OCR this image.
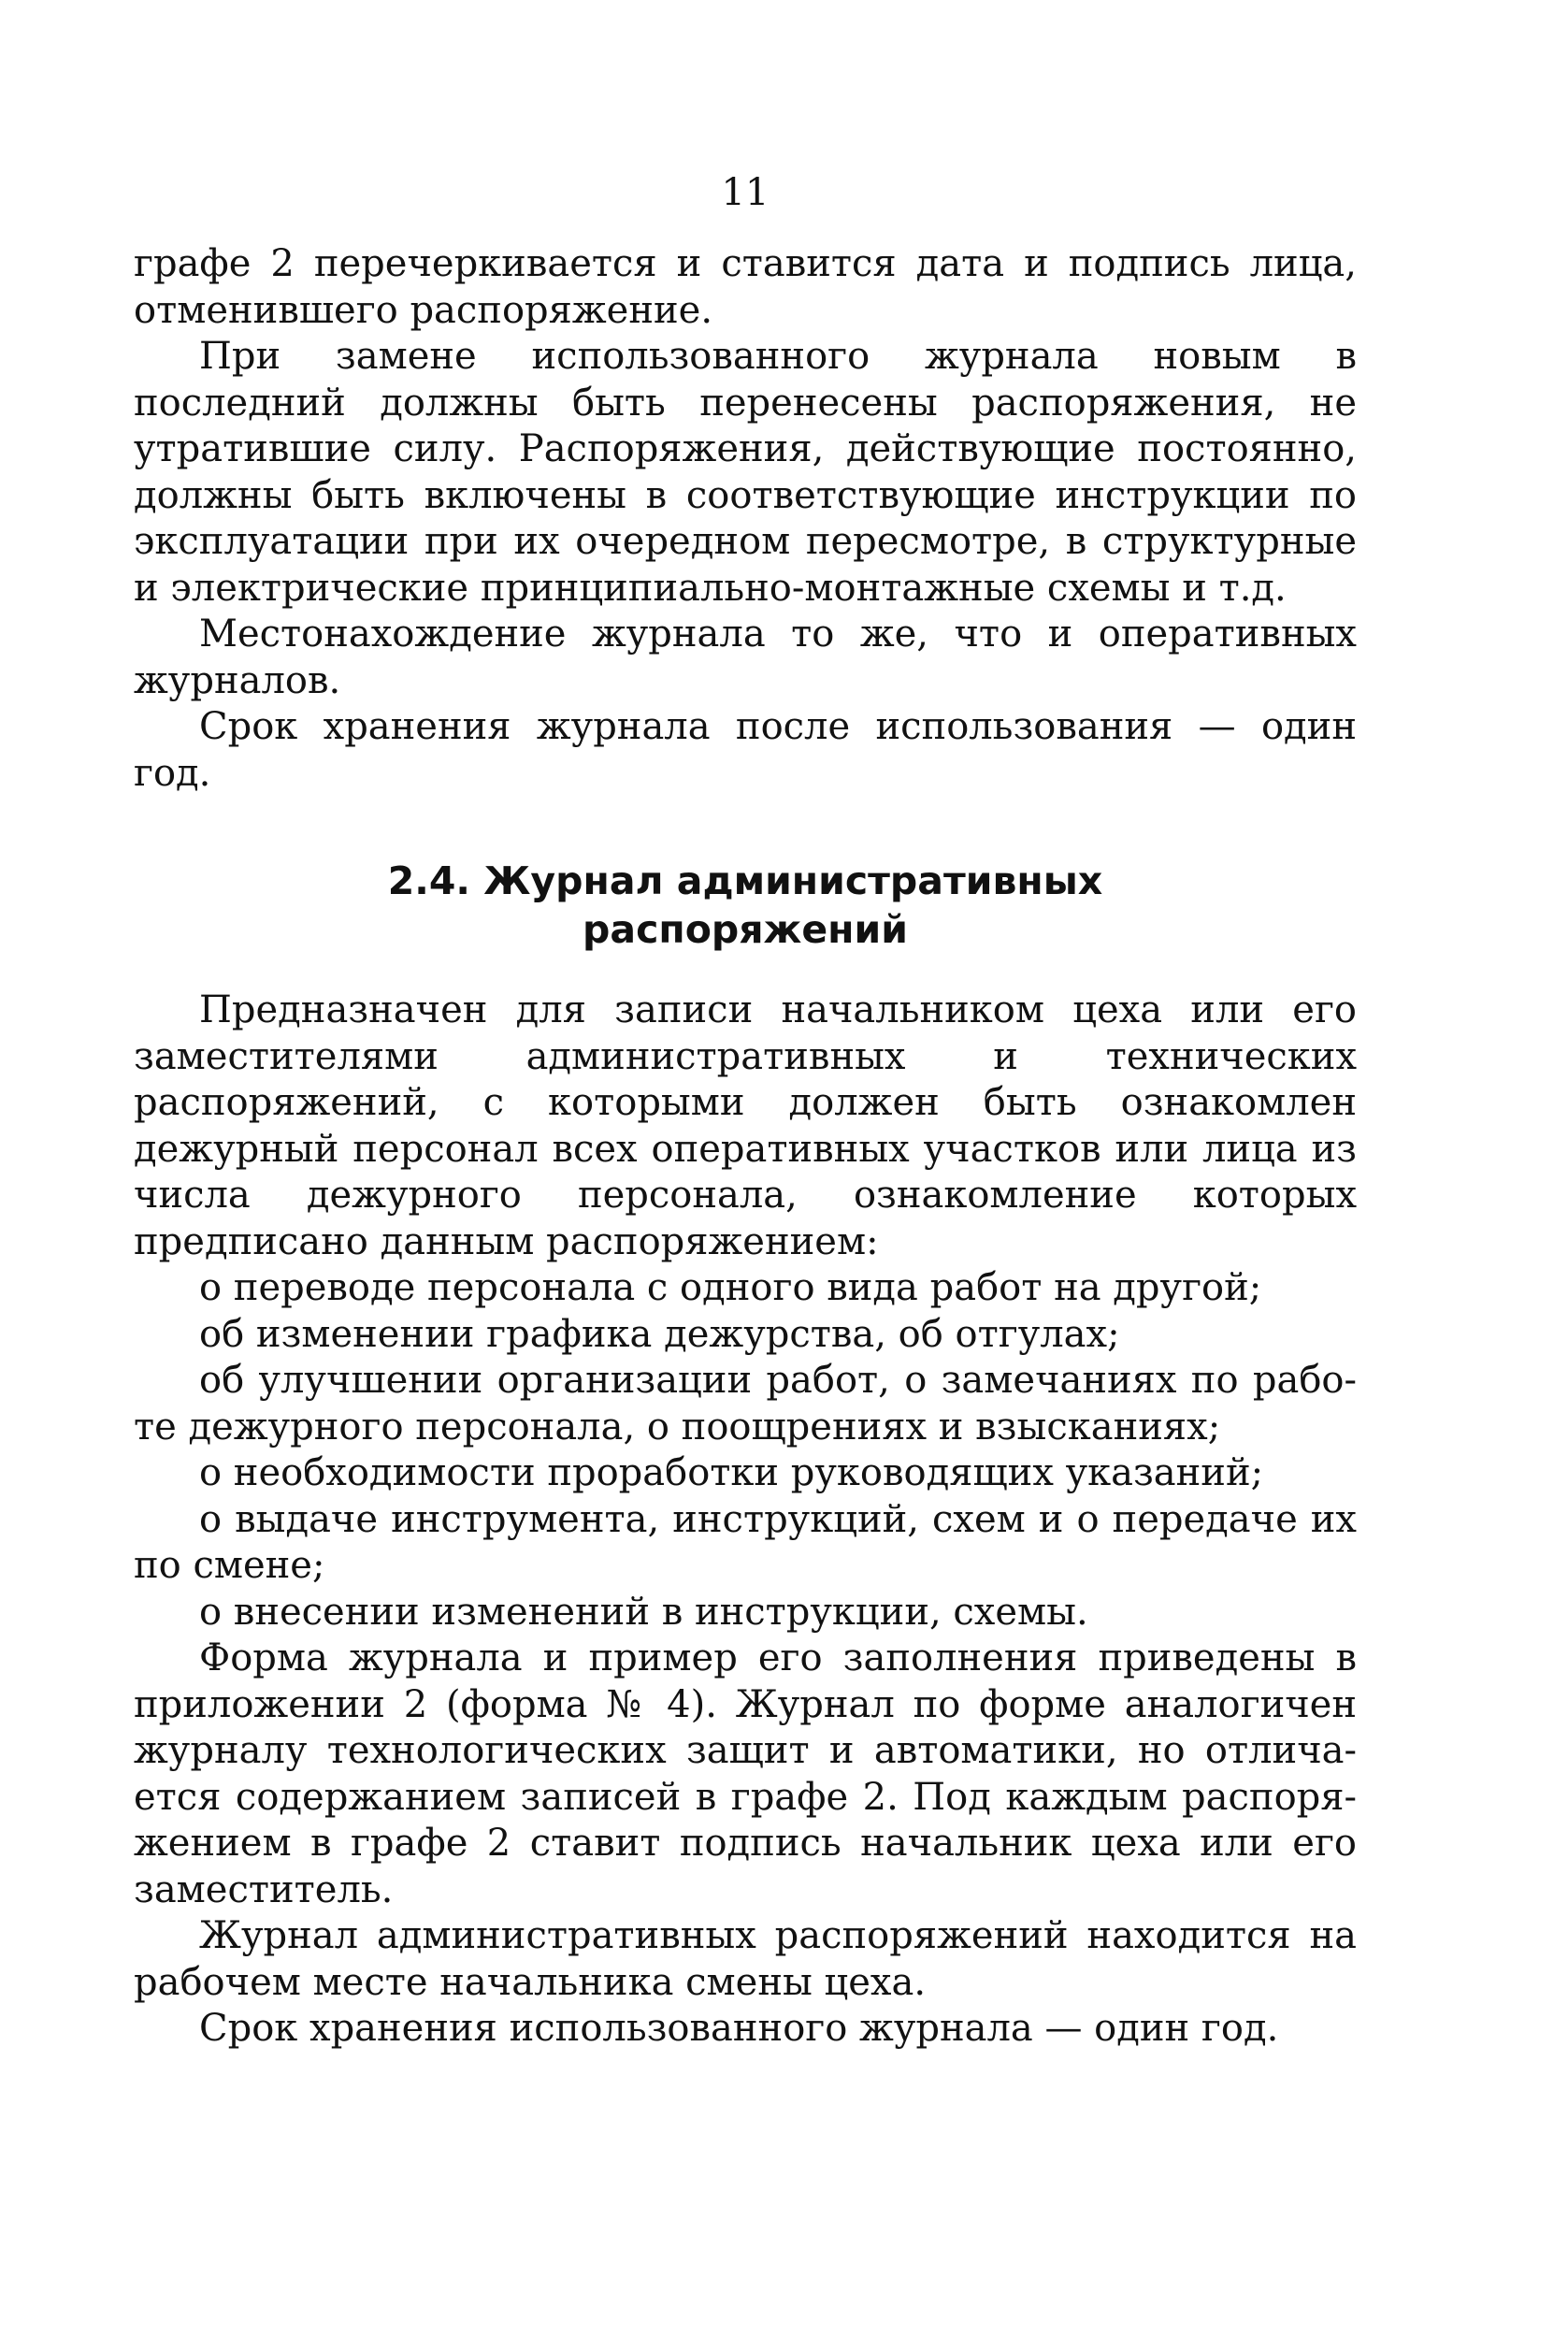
11

графе 2 перечеркивается и ставится дата и подпись лица, отменившего распоряжение.

При замене использованного журнала новым в последний должны быть перенесены распоряжения, не утратившие силу. Распоряжения, действующие постоянно, должны быть включены в соответствующие инструкции по эксплуатации при их очередном пересмотре, в структурные и электрические принципиально-монтажные схемы и т.д.

Местонахождение журнала то же, что и оперативных журналов.

Срок хранения журнала после использования — один год.

2.4. Журнал административных
распоряжений

Предназначен для записи начальником цеха или его заместителями административных и технических распоряжений, с которыми должен быть ознакомлен дежурный персонал всех оперативных участков или лица из числа дежурного персонала, ознакомление которых предписано данным распоряжением:

о переводе персонала с одного вида работ на другой;

об изменении графика дежурства, об отгулах;

об улучшении организации работ, о замечаниях по работе дежурного персонала, о поощрениях и взысканиях;

о необходимости проработки руководящих указаний;

о выдаче инструмента, инструкций, схем и о передаче их по смене;

о внесении изменений в инструкции, схемы.

Форма журнала и пример его заполнения приведены в приложении 2 (форма № 4). Журнал по форме аналогичен журналу технологических защит и автоматики, но отличается содержанием записей в графе 2. Под каждым распоряжением в графе 2 ставит подпись начальник цеха или его заместитель.

Журнал административных распоряжений находится на рабочем месте начальника смены цеха.

Срок хранения использованного журнала — один год.
